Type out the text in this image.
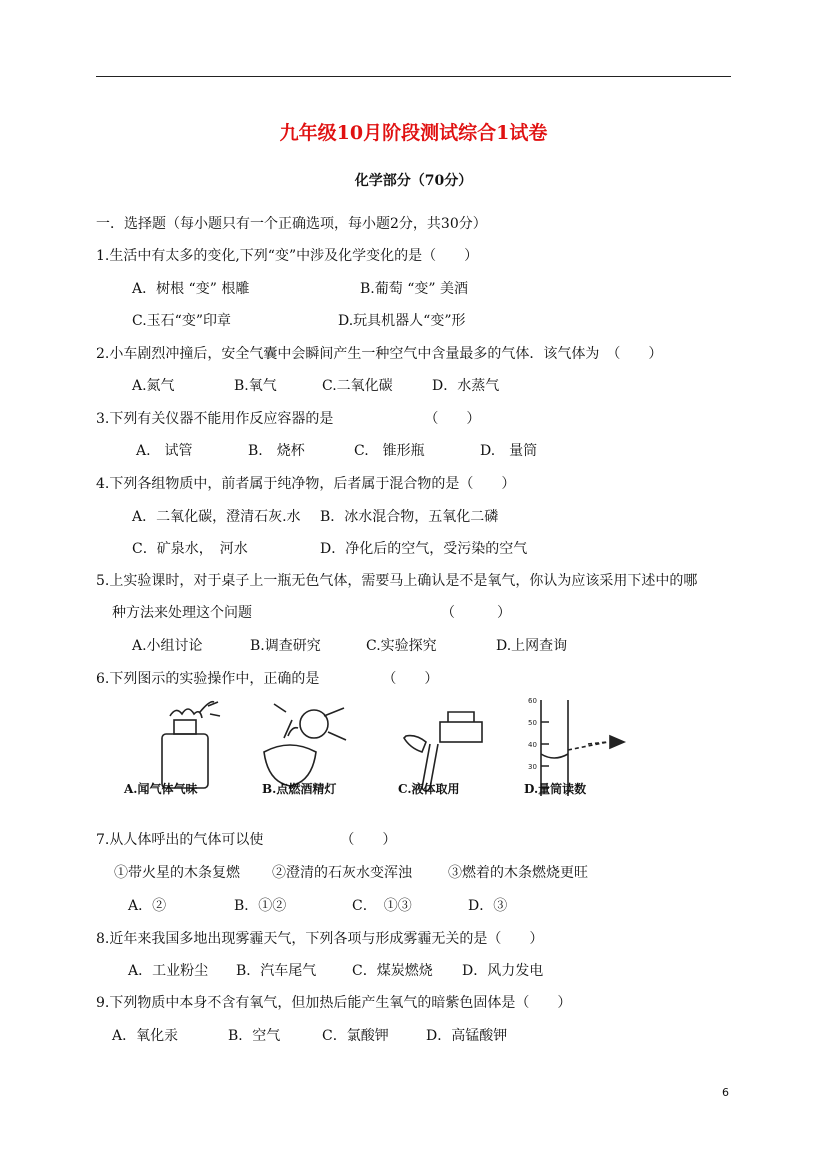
九年级10月阶段测试综合1试卷
化学部分（70分）
一．选择题（每小题只有一个正确选项，每小题2分，共30分）
1.生活中有太多的变化,下列“变”中涉及化学变化的是（　　）
A．树根 “变” 根雕	B.葡萄 “变” 美酒
C.玉石“变”印章	D.玩具机器人“变”形
2.小车剧烈冲撞后，安全气囊中会瞬间产生一种空气中含量最多的气体．该气体为　（　　）
A.氮气	B.氧气	C.二氧化碳	D．水蒸气
3.下列有关仪器不能用作反应容器的是　　　　　　　（　　）
A.　试管	B.　烧杯	C.　锥形瓶	D.　量筒
4.下列各组物质中，前者属于纯净物，后者属于混合物的是（　　）
A．二氧化碳，澄清石灰.水 B．冰水混合物，五氧化二磷
C．矿泉水，　河水	D．净化后的空气，受污染的空气
5.上实验课时，对于桌子上一瓶无色气体，需要马上确认是不是氧气，你认为应该采用下述中的哪
种方法来处理这个问题　　　　　　　　　　　　　　（　　　）
A.小组讨论	B.调查研究	C.实验探究	D.上网查询
6.下列图示的实验操作中，正确的是　　　　　（　　）
60
50
40
30
A.闻气体气味	B.点燃酒精灯	C.液体取用	D.量筒读数
7.从人体呼出的气体可以使　　　　　　（　　）
①带火星的木条复燃 ②澄清的石灰水变浑浊	③燃着的木条燃烧更旺
A．②	B．①②	C．　①③	D．③
8.近年来我国多地出现雾霾天气，下列各项与形成雾霾无关的是（　　）
A．工业粉尘 B．汽车尾气	C．煤炭燃烧 D．风力发电
9.下列物质中本身不含有氧气，但加热后能产生氧气的暗紫色固体是（　　）
A．氧化汞	B．空气	C．氯酸钾	D．高锰酸钾
6
